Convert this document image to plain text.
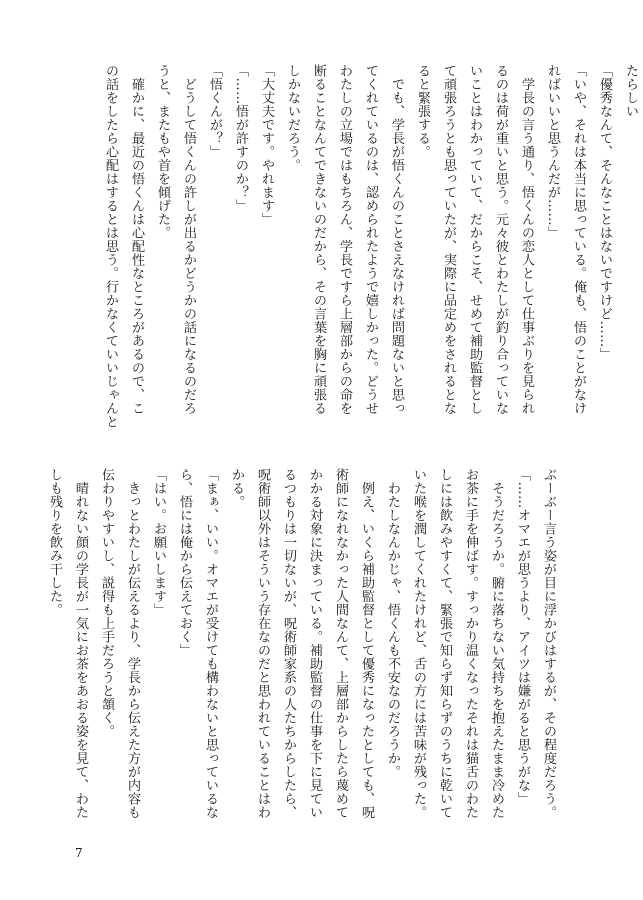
たらしい
「優秀なんて、そんなことはないですけど……」
「いや、それは本当に思っている。俺も、悟のことがなけ
ればいいと思うんだが……」
　学長の言う通り、悟くんの恋人として仕事ぶりを見られ
るのは荷が重いと思う。元々彼とわたしが釣り合っていな
いことはわかっていて、だからこそ、せめて補助監督とし
て頑張ろうとも思っていたが、実際に品定めをされるとな
ると緊張する。
　でも、学長が悟くんのことさえなければ問題ないと思っ
てくれているのは、認められたようで嬉しかった。どうせ
わたしの立場ではもちろん、学長ですら上層部からの命を
断ることなんてできないのだから、その言葉を胸に頑張る
しかないだろう。
「大丈夫です。やれます」
「……悟が許すのか？」
「悟くんが？」
　どうして悟くんの許しが出るかどうかの話になるのだろ
うと、またもや首を傾げた。
　確かに、最近の悟くんは心配性なところがあるので、こ
の話をしたら心配はするとは思う。行かなくていいじゃんと
ぶーぶー言う姿が目に浮かびはするが、その程度だろう。
「……オマエが思うより、アイツは嫌がると思うがな」
　そうだろうか。腑に落ちない気持ちを抱えたまま冷めた
お茶に手を伸ばす。すっかり温くなったそれは猫舌のわた
しには飲みやすくて、緊張で知らず知らずのうちに乾いて
いた喉を潤してくれたけれど、舌の方には苦味が残った。
　わたしなんかじゃ、悟くんも不安なのだろうか。
　例え、いくら補助監督として優秀になったとしても、呪
術師になれなかった人間なんて、上層部からしたら蔑めて
かかる対象に決まっている。補助監督の仕事を下に見てい
るつもりは一切ないが、呪術師家系の人たちからしたら、
呪術師以外はそういう存在なのだと思われていることはわ
かる。
「まぁ、いい。オマエが受けても構わないと思っているな
ら、悟には俺から伝えておく」
「はい。お願いします」
　きっとわたしが伝えるより、学長から伝えた方が内容も
伝わりやすいし、説得も上手だろうと頷く。
　晴れない顔の学長が一気にお茶をあおる姿を見て、わた
しも残りを飲み干した。
7
